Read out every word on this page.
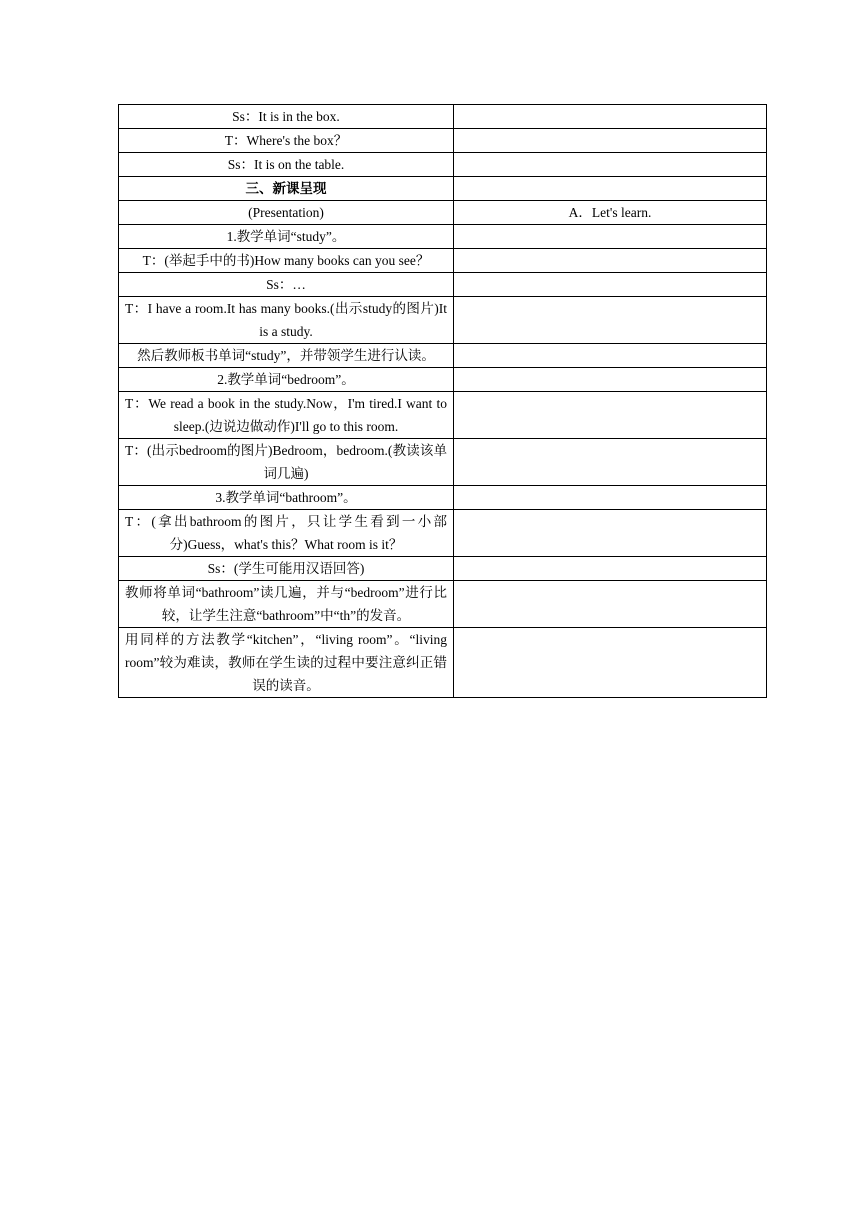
Ss：It is in the box.	
T：Where's the box？	
Ss：It is on the table.	
三、新课呈现	
(Presentation)	A．Let's learn.
1.教学单词“study”。	
T：(举起手中的书)How many books can you see？	
Ss：…	
T：I have a room.It has many books.(出示study的图片)It is a study.	
然后教师板书单词“study”，并带领学生进行认读。	
2.教学单词“bedroom”。	
T：We read a book in the study.Now，I'm tired.I want to sleep.(边说边做动作)I'll go to this room.	
T：(出示bedroom的图片)Bedroom，bedroom.(教读该单词几遍)	
3.教学单词“bathroom”。	
T：(拿出bathroom的图片，只让学生看到一小部分)Guess，what's this？What room is it？	
Ss：(学生可能用汉语回答)	
教师将单词“bathroom”读几遍，并与“bedroom”进行比较，让学生注意“bathroom”中“th”的发音。	
用同样的方法教学“kitchen”，“living room”。“living room”较为难读，教师在学生读的过程中要注意纠正错误的读音。	
